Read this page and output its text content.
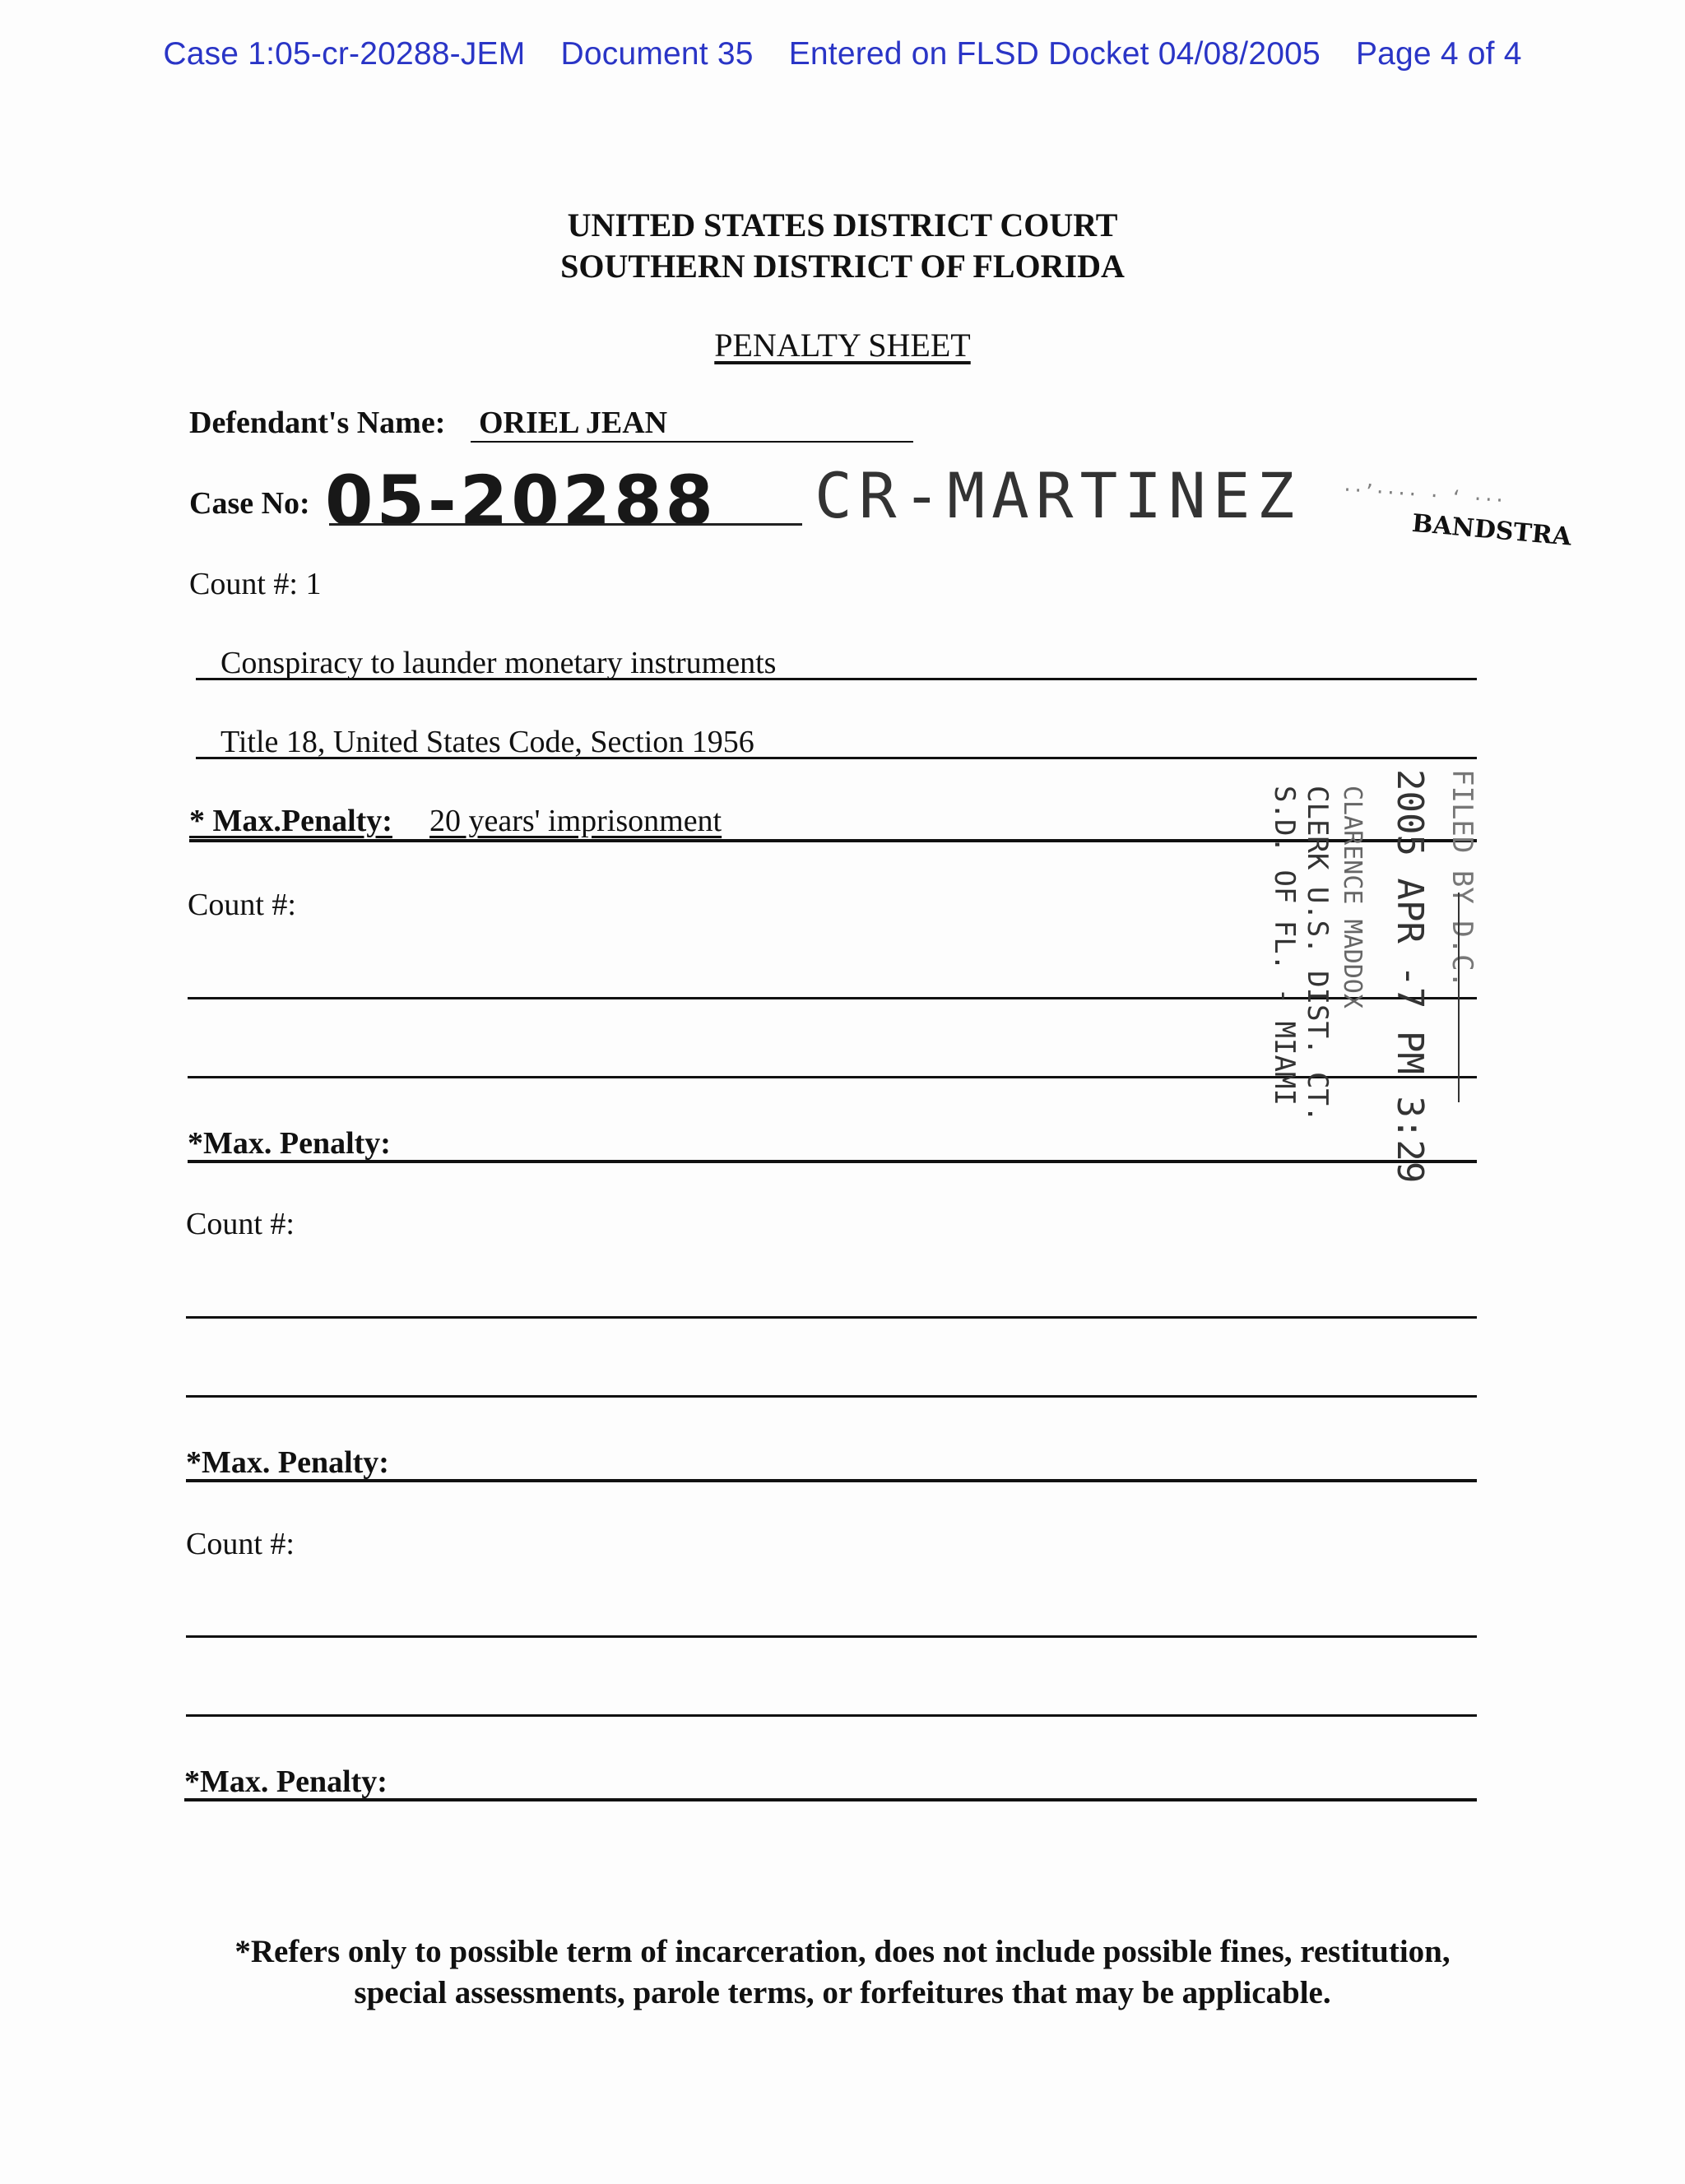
Case 1:05-cr-20288-JEM Document 35 Entered on FLSD Docket 04/08/2005 Page 4 of 4
UNITED STATES DISTRICT COURT
SOUTHERN DISTRICT OF FLORIDA
PENALTY SHEET
Defendant's Name: ORIEL JEAN
Case No: 05-20288 CR-MARTINEZ ··’···· · ‘ ···
BANDSTRA
Count #: 1
Conspiracy to launder monetary instruments
Title 18, United States Code, Section 1956
* Max.Penalty: 20 years' imprisonment
Count #:
*Max. Penalty:
Count #:
*Max. Penalty:
Count #:
*Max. Penalty:
FILED BY D.C.
2005 APR -7 PM 3:29
CLARENCE MADDOX
CLERK U.S. DIST. CT.
S.D. OF FL. - MIAMI
*Refers only to possible term of incarceration, does not include possible fines, restitution,
special assessments, parole terms, or forfeitures that may be applicable.
